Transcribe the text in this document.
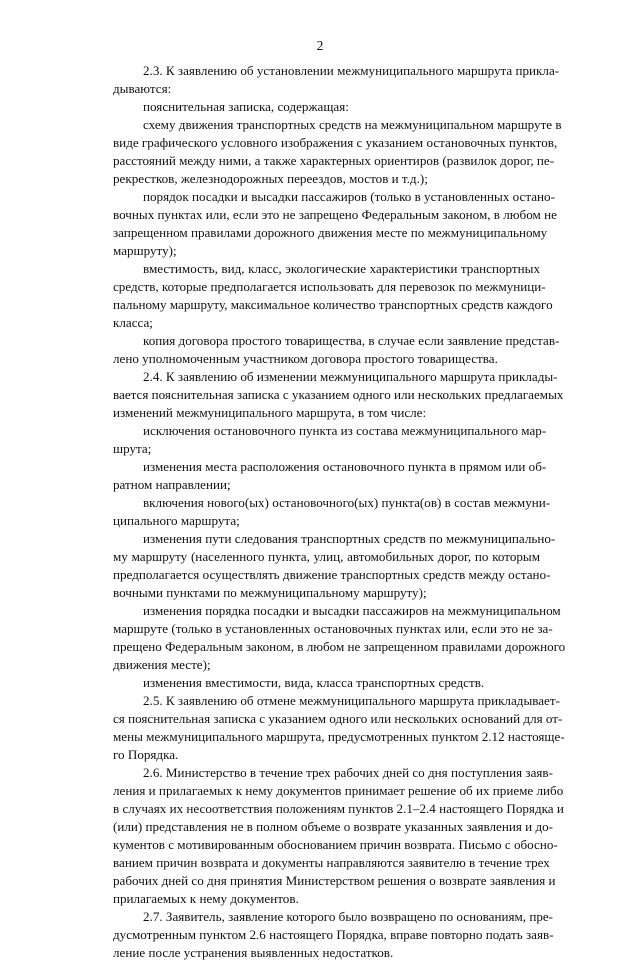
2
2.3. К заявлению об установлении межмуниципального маршрута прикла-
дываются:
пояснительная записка, содержащая:
схему движения транспортных средств на межмуниципальном маршруте в
виде графического условного изображения с указанием остановочных пунктов,
расстояний между ними, а также характерных ориентиров (развилок дорог, пе-
рекрестков, железнодорожных переездов, мостов и т.д.);
порядок посадки и высадки пассажиров (только в установленных остано-
вочных пунктах или, если это не запрещено Федеральным законом, в любом не
запрещенном правилами дорожного движения месте по межмуниципальному
маршруту);
вместимость, вид, класс, экологические характеристики транспортных
средств, которые предполагается использовать для перевозок по межмуници-
пальному маршруту, максимальное количество транспортных средств каждого
класса;
копия договора простого товарищества, в случае если заявление представ-
лено уполномоченным участником договора простого товарищества.
2.4. К заявлению об изменении межмуниципального маршрута приклады-
вается пояснительная записка с указанием одного или нескольких предлагаемых
изменений межмуниципального маршрута, в том числе:
исключения остановочного пункта из состава межмуниципального мар-
шрута;
изменения места расположения остановочного пункта в прямом или об-
ратном направлении;
включения нового(ых) остановочного(ых) пункта(ов) в состав межмуни-
ципального маршрута;
изменения пути следования транспортных средств по межмуниципально-
му маршруту (населенного пункта, улиц, автомобильных дорог, по которым
предполагается осуществлять движение транспортных средств между остано-
вочными пунктами по межмуниципальному маршруту);
изменения порядка посадки и высадки пассажиров на межмуниципальном
маршруте (только в установленных остановочных пунктах или, если это не за-
прещено Федеральным законом, в любом не запрещенном правилами дорожного
движения месте);
изменения вместимости, вида, класса транспортных средств.
2.5. К заявлению об отмене межмуниципального маршрута прикладывает-
ся пояснительная записка с указанием одного или нескольких оснований для от-
мены межмуниципального маршрута, предусмотренных пунктом 2.12 настояще-
го Порядка.
2.6. Министерство в течение трех рабочих дней со дня поступления заяв-
ления и прилагаемых к нему документов принимает решение об их приеме либо
в случаях их несоответствия положениям пунктов 2.1–2.4 настоящего Порядка и
(или) представления не в полном объеме о возврате указанных заявления и до-
кументов с мотивированным обоснованием причин возврата. Письмо с обосно-
ванием причин возврата и документы направляются заявителю в течение трех
рабочих дней со дня принятия Министерством решения о возврате заявления и
прилагаемых к нему документов.
2.7. Заявитель, заявление которого было возвращено по основаниям, пре-
дусмотренным пунктом 2.6 настоящего Порядка, вправе повторно подать заяв-
ление после устранения выявленных недостатков.
